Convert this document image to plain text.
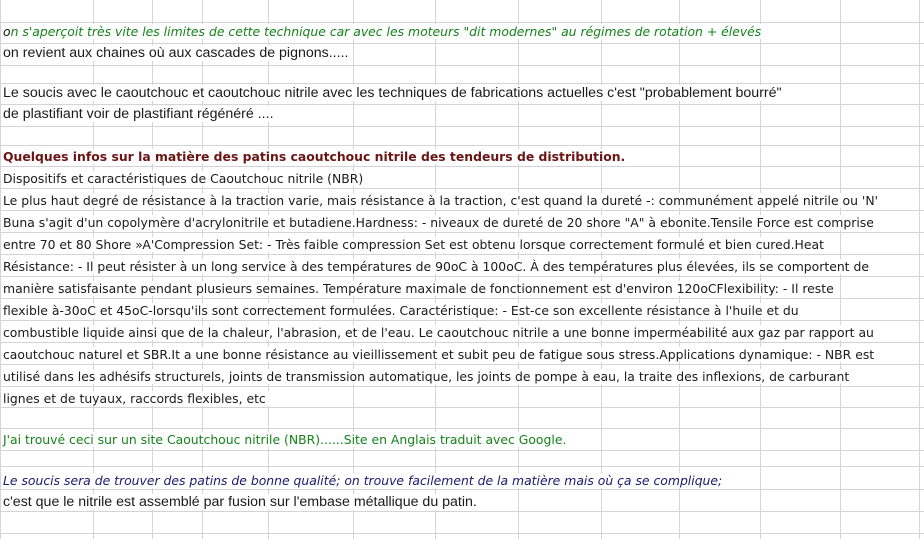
on s'aperçoit très vite les limites de cette technique car avec les moteurs "dit modernes" au régimes de rotation + élevés
on revient aux chaines où aux cascades de pignons.....
Le soucis avec le caoutchouc et caoutchouc nitrile avec les techniques de fabrications actuelles c'est "probablement bourré"
de plastifiant voir de plastifiant régénéré ....
Quelques infos sur la matière des patins caoutchouc nitrile des tendeurs de distribution.
Dispositifs et caractéristiques de Caoutchouc nitrile (NBR)
Le plus haut degré de résistance à la traction varie, mais résistance à la traction, c'est quand la dureté -: communément appelé nitrile ou 'N'
Buna s'agit d'un copolymère d'acrylonitrile et butadiene.Hardness: - niveaux de dureté de 20 shore "A" à ebonite.Tensile Force est comprise
entre 70 et 80 Shore »A'Compression Set: - Très faible compression Set est obtenu lorsque correctement formulé et bien cured.Heat
Résistance: - Il peut résister à un long service à des températures de 90oC à 100oC. À des températures plus élevées, ils se comportent de
manière satisfaisante pendant plusieurs semaines. Température maximale de fonctionnement est d'environ 120oCFlexibility: - Il reste
flexible à-30oC et 45oC-lorsqu'ils sont correctement formulées. Caractéristique: - Est-ce son excellente résistance à l'huile et du
combustible liquide ainsi que de la chaleur, l'abrasion, et de l'eau. Le caoutchouc nitrile a une bonne imperméabilité aux gaz par rapport au
caoutchouc naturel et SBR.It a une bonne résistance au vieillissement et subit peu de fatigue sous stress.Applications dynamique: - NBR est
utilisé dans les adhésifs structurels, joints de transmission automatique, les joints de pompe à eau, la traite des inflexions, de carburant
lignes et de tuyaux, raccords flexibles, etc
J'ai trouvé ceci sur un site Caoutchouc nitrile (NBR)......Site en Anglais traduit avec Google.
Le soucis sera de trouver des patins de bonne qualité; on trouve facilement de la matière mais où ça se complique;
c'est que le nitrile est assemblé par fusion sur l'embase métallique du patin.
